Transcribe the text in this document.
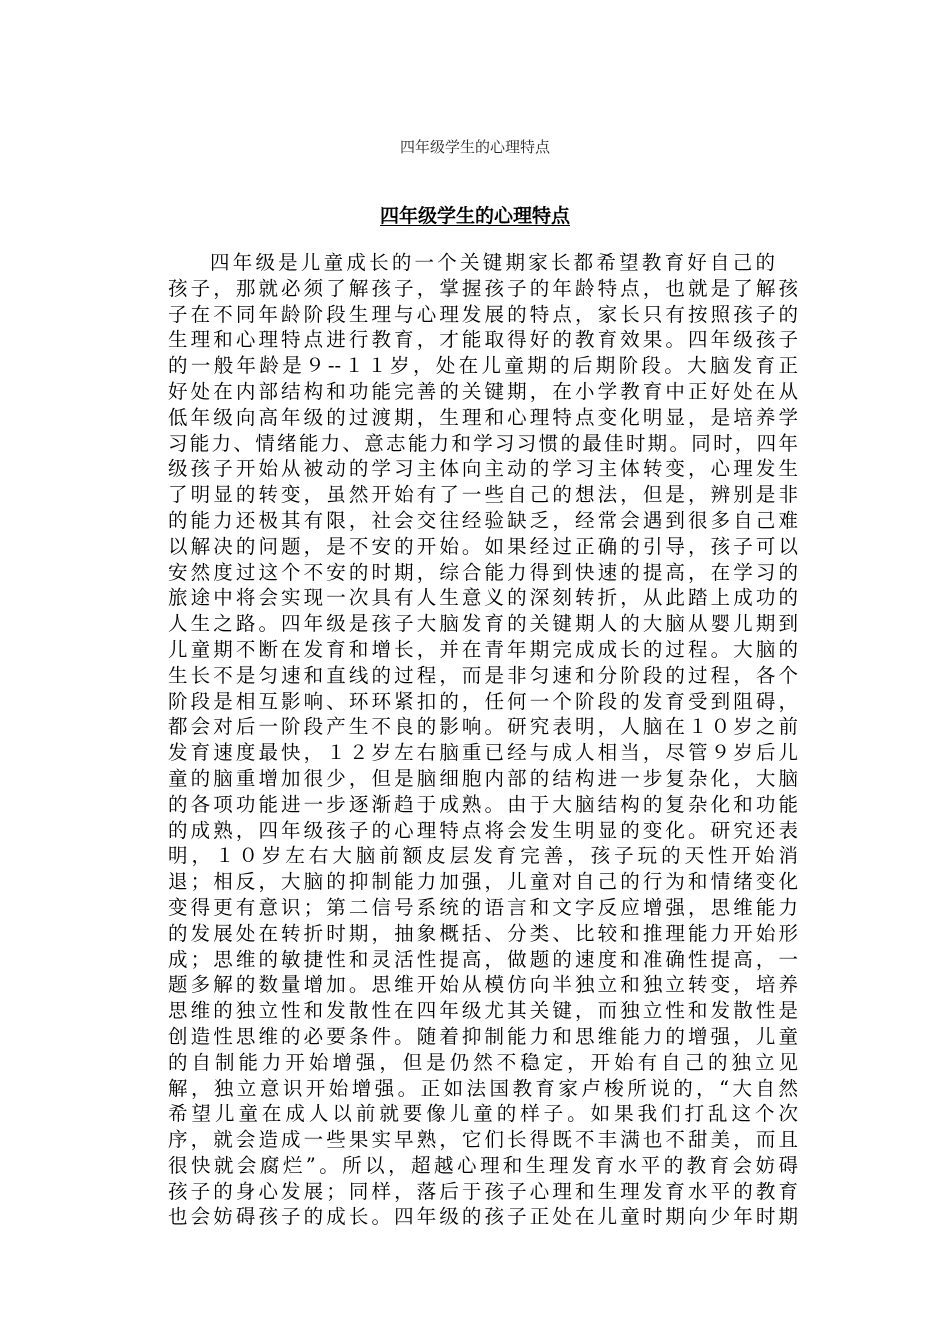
四年级学生的心理特点
四年级学生的心理特点
四年级是儿童成长的一个关键期家长都希望教育好自己的
孩子，那就必须了解孩子，掌握孩子的年龄特点，也就是了解孩
子在不同年龄阶段生理与心理发展的特点，家长只有按照孩子的
生理和心理特点进行教育，才能取得好的教育效果。四年级孩子
的一般年龄是９--１１岁，处在儿童期的后期阶段。大脑发育正
好处在内部结构和功能完善的关键期，在小学教育中正好处在从
低年级向高年级的过渡期，生理和心理特点变化明显，是培养学
习能力、情绪能力、意志能力和学习习惯的最佳时期。同时，四年
级孩子开始从被动的学习主体向主动的学习主体转变，心理发生
了明显的转变，虽然开始有了一些自己的想法，但是，辨别是非
的能力还极其有限，社会交往经验缺乏，经常会遇到很多自己难
以解决的问题，是不安的开始。如果经过正确的引导，孩子可以
安然度过这个不安的时期，综合能力得到快速的提高，在学习的
旅途中将会实现一次具有人生意义的深刻转折，从此踏上成功的
人生之路。四年级是孩子大脑发育的关键期人的大脑从婴儿期到
儿童期不断在发育和增长，并在青年期完成成长的过程。大脑的
生长不是匀速和直线的过程，而是非匀速和分阶段的过程，各个
阶段是相互影响、环环紧扣的，任何一个阶段的发育受到阻碍，
都会对后一阶段产生不良的影响。研究表明，人脑在１０岁之前
发育速度最快，１２岁左右脑重已经与成人相当，尽管９岁后儿
童的脑重增加很少，但是脑细胞内部的结构进一步复杂化，大脑
的各项功能进一步逐渐趋于成熟。由于大脑结构的复杂化和功能
的成熟，四年级孩子的心理特点将会发生明显的变化。研究还表
明，１０岁左右大脑前额皮层发育完善，孩子玩的天性开始消
退；相反，大脑的抑制能力加强，儿童对自己的行为和情绪变化
变得更有意识；第二信号系统的语言和文字反应增强，思维能力
的发展处在转折时期，抽象概括、分类、比较和推理能力开始形
成；思维的敏捷性和灵活性提高，做题的速度和准确性提高，一
题多解的数量增加。思维开始从模仿向半独立和独立转变，培养
思维的独立性和发散性在四年级尤其关键，而独立性和发散性是
创造性思维的必要条件。随着抑制能力和思维能力的增强，儿童
的自制能力开始增强，但是仍然不稳定，开始有自己的独立见
解，独立意识开始增强。正如法国教育家卢梭所说的，“大自然
希望儿童在成人以前就要像儿童的样子。如果我们打乱这个次
序，就会造成一些果实早熟，它们长得既不丰满也不甜美，而且
很快就会腐烂”。所以，超越心理和生理发育水平的教育会妨碍
孩子的身心发展；同样，落后于孩子心理和生理发育水平的教育
也会妨碍孩子的成长。四年级的孩子正处在儿童时期向少年时期
